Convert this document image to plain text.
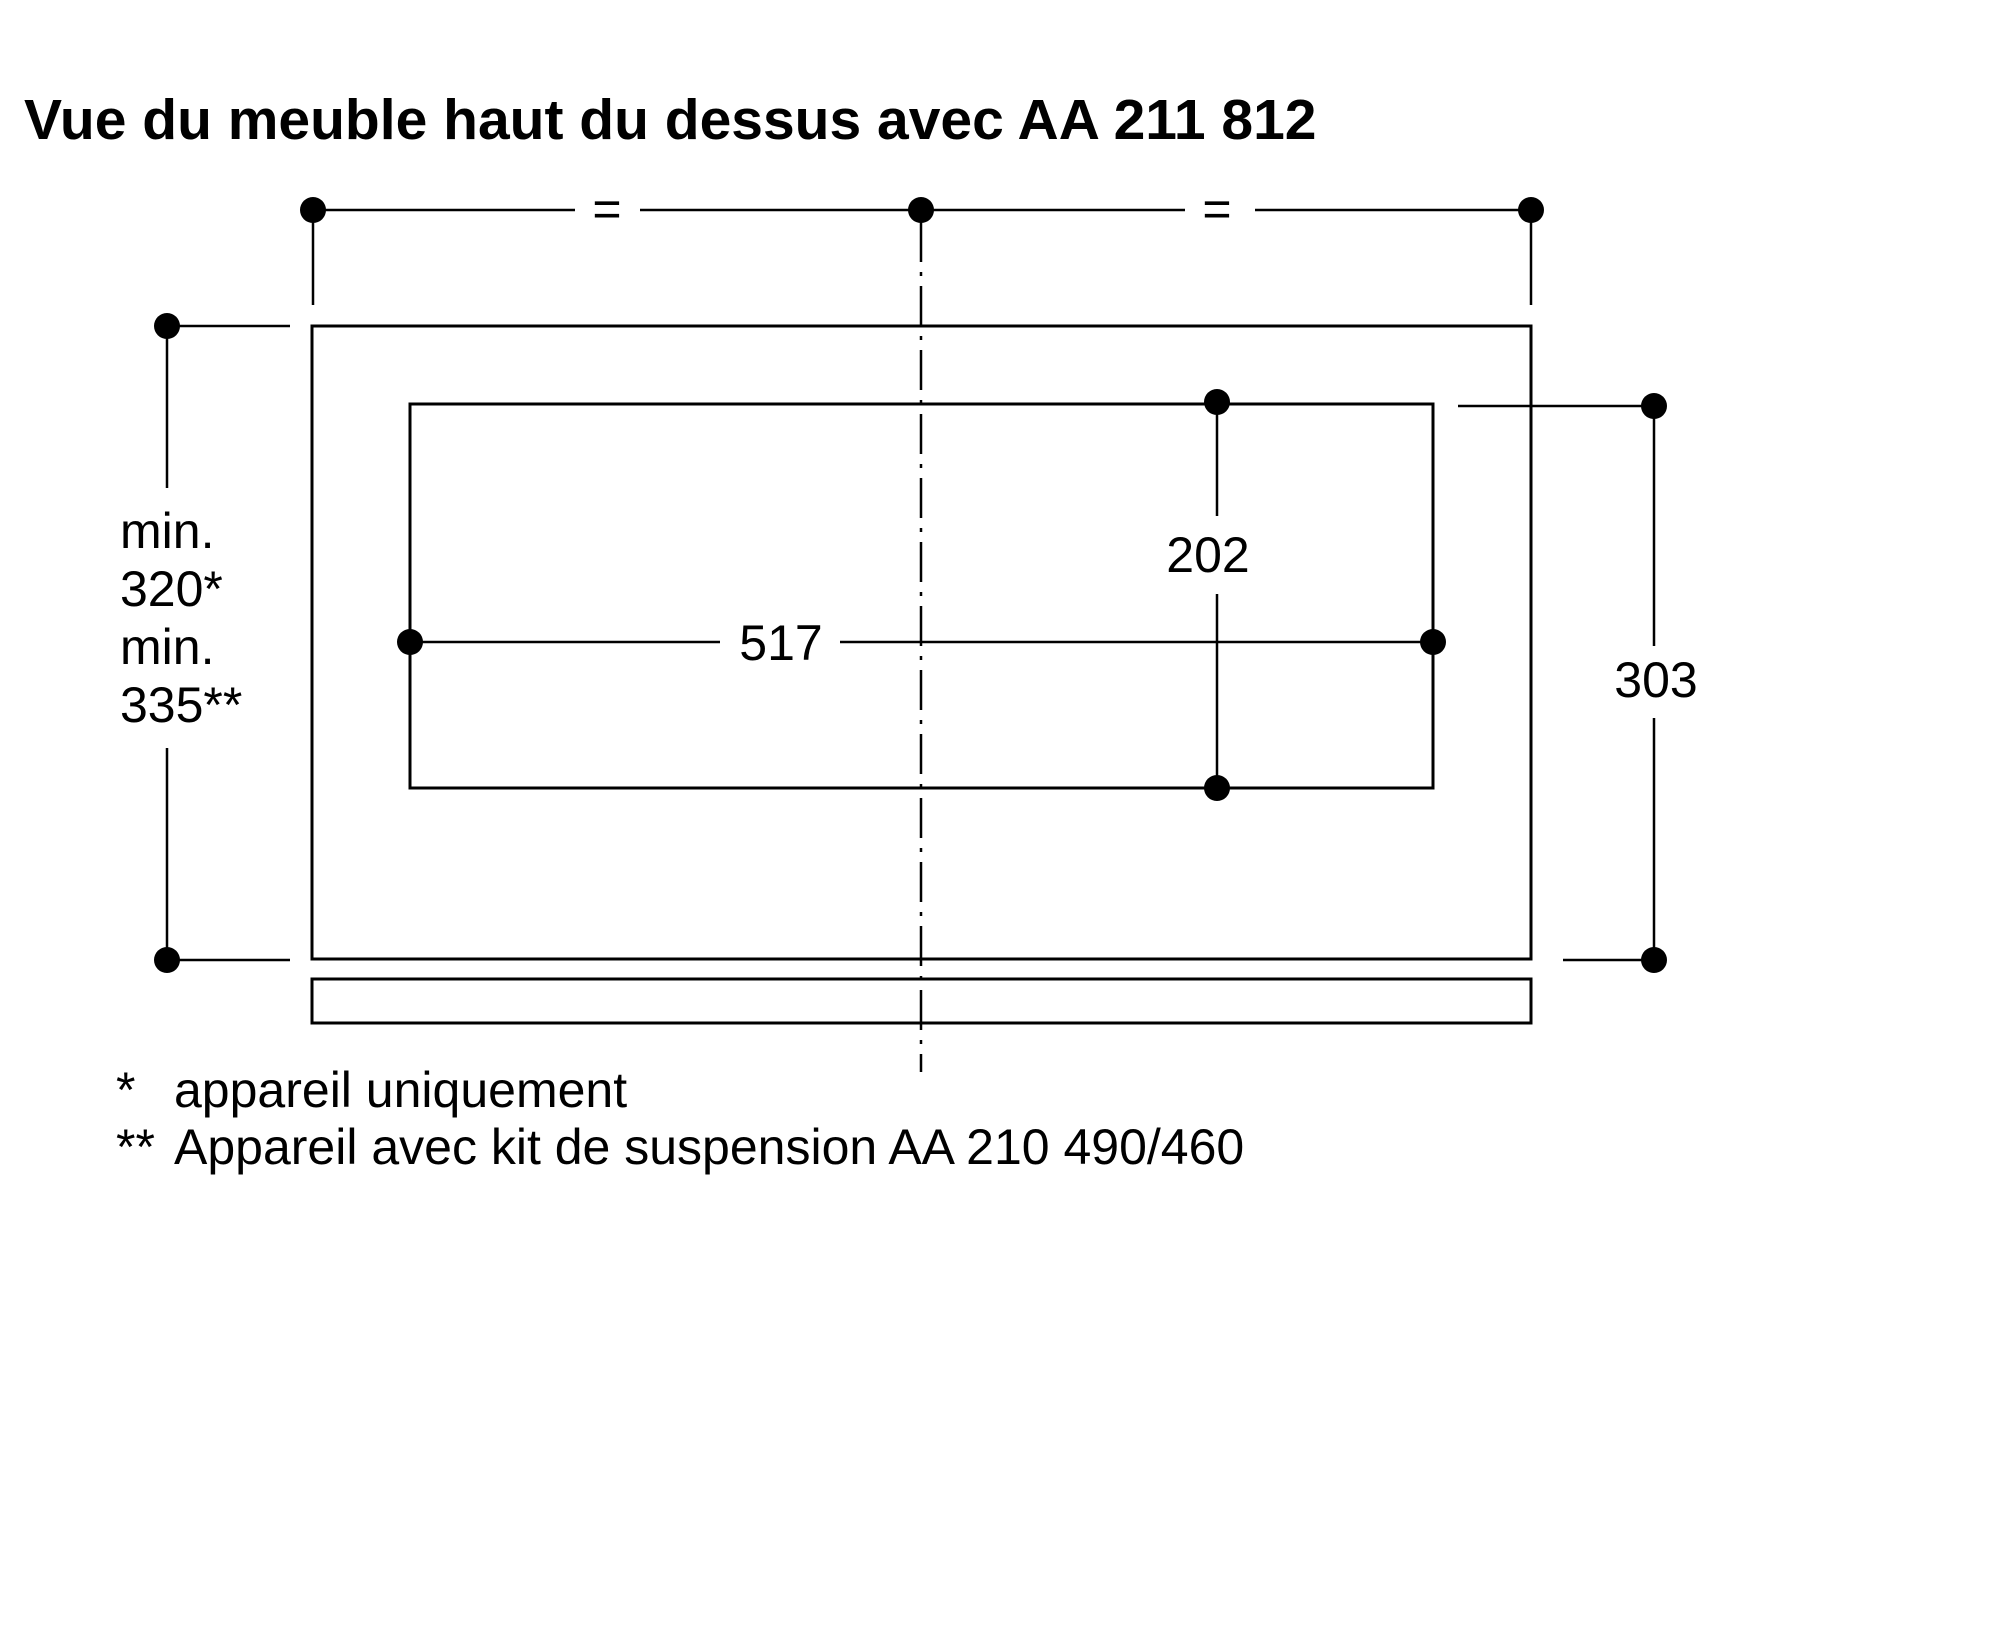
Vue du meuble haut du dessus avec AA 211 812
=	=
min.
320*
min.
335**
517
202
303
* appareil uniquement
** Appareil avec kit de suspension AA 210 490/460
